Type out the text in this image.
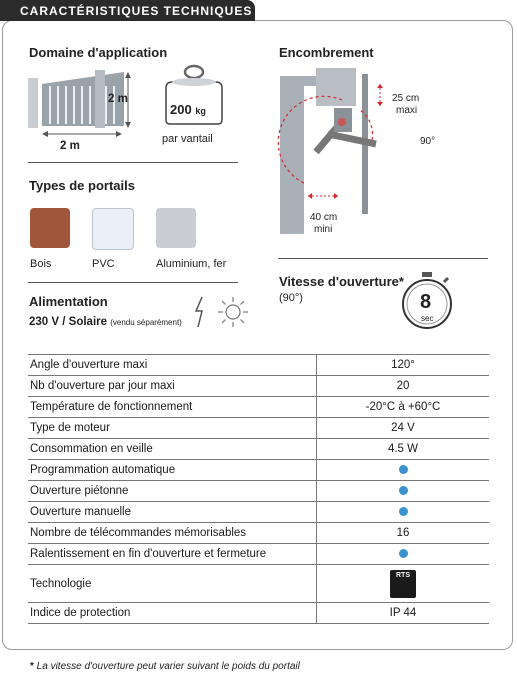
CARACTÉRISTIQUES TECHNIQUES
Domaine d'application
2 m
2 m
200 kg
par vantail
Types de portails
Bois	PVC	Aluminium, fer
Alimentation
230 V / Solaire (vendu séparément)
Encombrement
25 cm
maxi
90°
40 cm
mini
Vitesse d'ouverture*
(90°)	8
sec
Angle d'ouverture maxi	120°
Nb d'ouverture par jour maxi	20
Température de fonctionnement	-20°C à +60°C
Type de moteur	24 V
Consommation en veille	4.5 W
Programmation automatique	
Ouverture piétonne	
Ouverture manuelle	
Nombre de télécommandes mémorisables	16
Ralentissement en fin d'ouverture et fermeture	
Technologie	RTS

Indice de protection	IP 44
* La vitesse d'ouverture peut varier suivant le poids du portail
